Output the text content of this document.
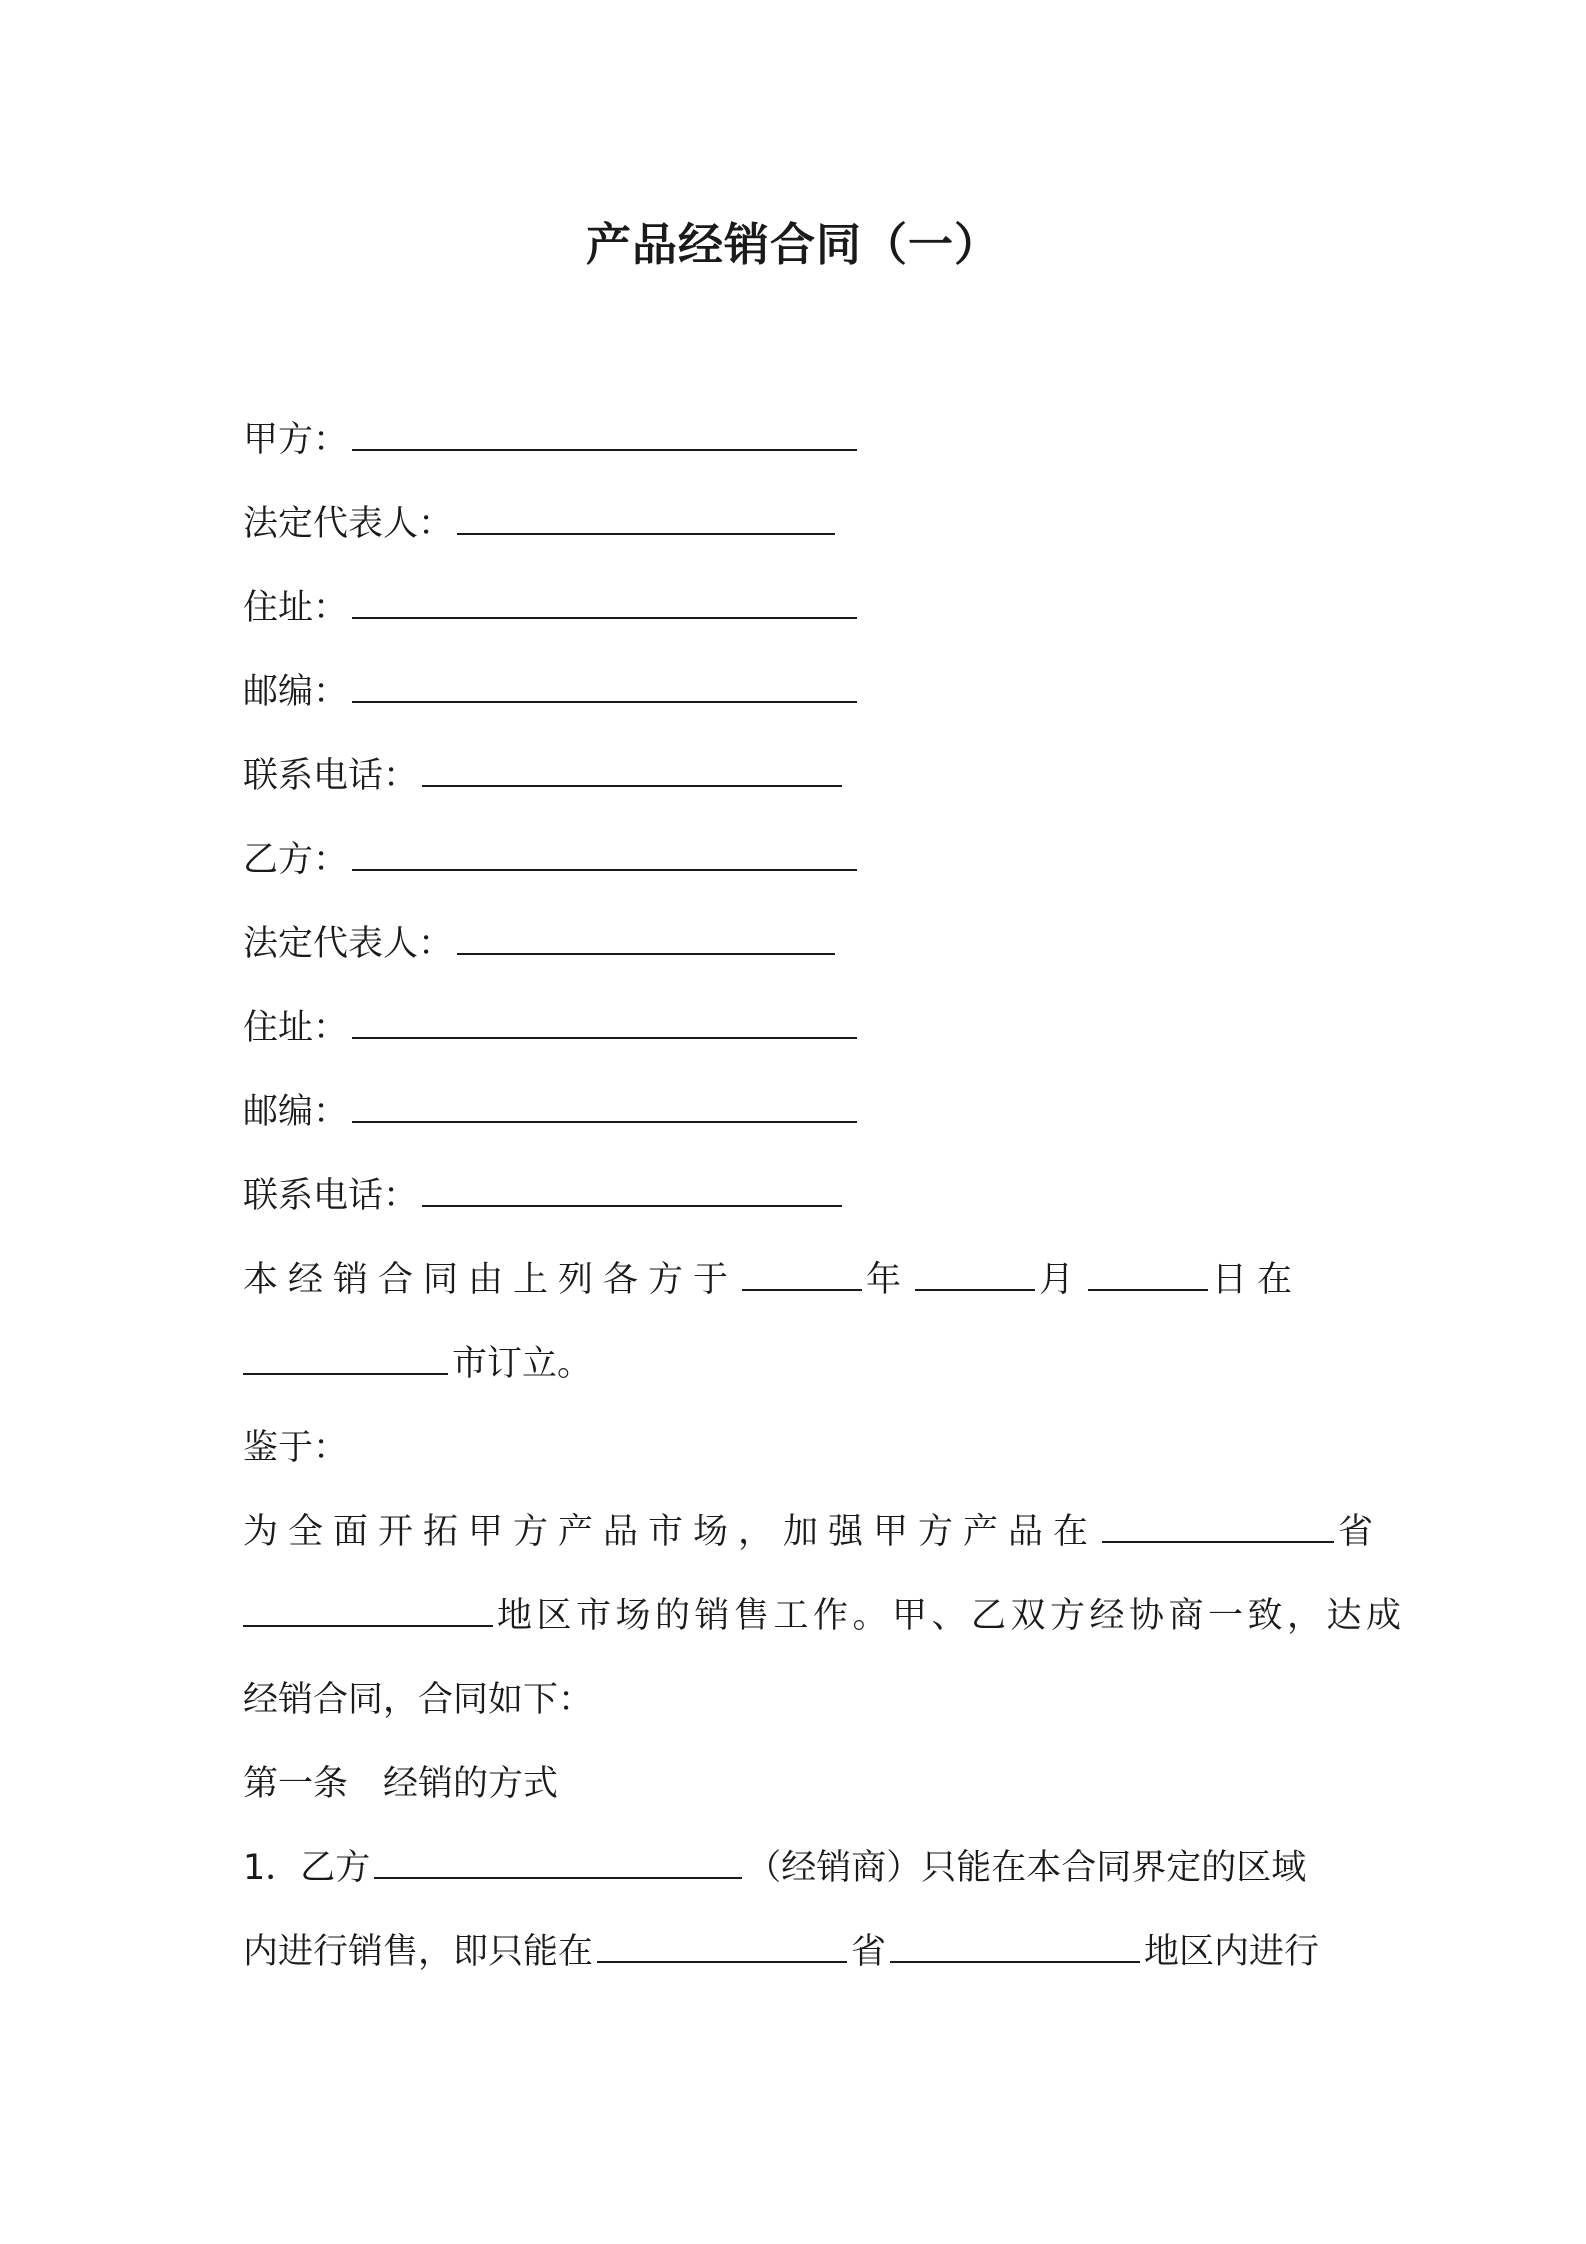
产品经销合同（一）
甲方：
法定代表人：
住址：
邮编：
联系电话：
乙方：
法定代表人：
住址：
邮编：
联系电话：
本经销合同由上列各方于	年	月	日在
市订立。
鉴于：
为全面开拓甲方产品市场，加强甲方产品在	省
地区市场的销售工作。甲、乙双方经协商一致，达成
经销合同，合同如下：
第一条　经销的方式
1．乙方	（经销商）只能在本合同界定的区域
内进行销售，即只能在	省	地区内进行
